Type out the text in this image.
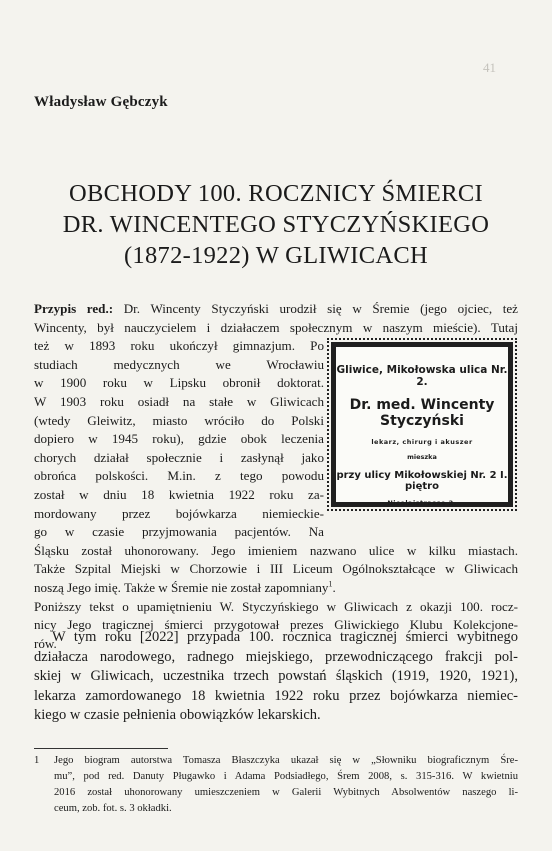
41
Władysław Gębczyk
OBCHODY 100. ROCZNICY ŚMIERCI
DR. WINCENTEGO STYCZYŃSKIEGO
(1872-1922) W GLIWICACH
Gliwice, Mikołowska ulica Nr. 2.
Dr. med. Wincenty Styczyński
lekarz, chirurg i akuszer
mieszka
przy ulicy Mikołowskiej Nr. 2 I. piętro
Nicolaistrasse 2.
Przypis red.: Dr. Wincenty Styczyński urodził się w Śremie (jego ojciec, też
Wincenty, był nauczycielem i działaczem społecznym w naszym mieście). Tutaj
też w 1893 roku ukończył gimnazjum. Po
studiach medycznych we Wrocławiu
w 1900 roku w Lipsku obronił doktorat.
W 1903 roku osiadł na stałe w Gliwicach
(wtedy Gleiwitz, miasto wróciło do Polski
dopiero w 1945 roku), gdzie obok leczenia
chorych działał społecznie i zasłynął jako
obrońca polskości. M.in. z tego powodu
został w dniu 18 kwietnia 1922 roku za-
mordowany przez bojówkarza niemieckie-
go w czasie przyjmowania pacjentów. Na
Śląsku został uhonorowany. Jego imieniem nazwano ulice w kilku miastach.
Także Szpital Miejski w Chorzowie i III Liceum Ogólnokształcące w Gliwicach
noszą Jego imię. Także w Śremie nie został zapomniany$^1$.
Poniższy tekst o upamiętnieniu W. Styczyńskiego w Gliwicach z okazji 100. rocz-
nicy Jego tragicznej śmierci przygotował prezes Gliwickiego Klubu Kolekcjone-
rów.
W tym roku [2022] przypada 100. rocznica tragicznej śmierci wybitnego
działacza narodowego, radnego miejskiego, przewodniczącego frakcji pol-
skiej w Gliwicach, uczestnika trzech powstań śląskich (1919, 1920, 1921),
lekarza zamordowanego 18 kwietnia 1922 roku przez bojówkarza niemiec-
kiego w czasie pełnienia obowiązków lekarskich.
1	Jego biogram autorstwa Tomasza Błaszczyka ukazał się w „Słowniku biograficznym Śre-
mu”, pod red. Danuty Pługawko i Adama Podsiadłego, Śrem 2008, s. 315-316. W kwietniu
2016 został uhonorowany umieszczeniem w Galerii Wybitnych Absolwentów naszego li-
ceum, zob. fot. s. 3 okładki.
